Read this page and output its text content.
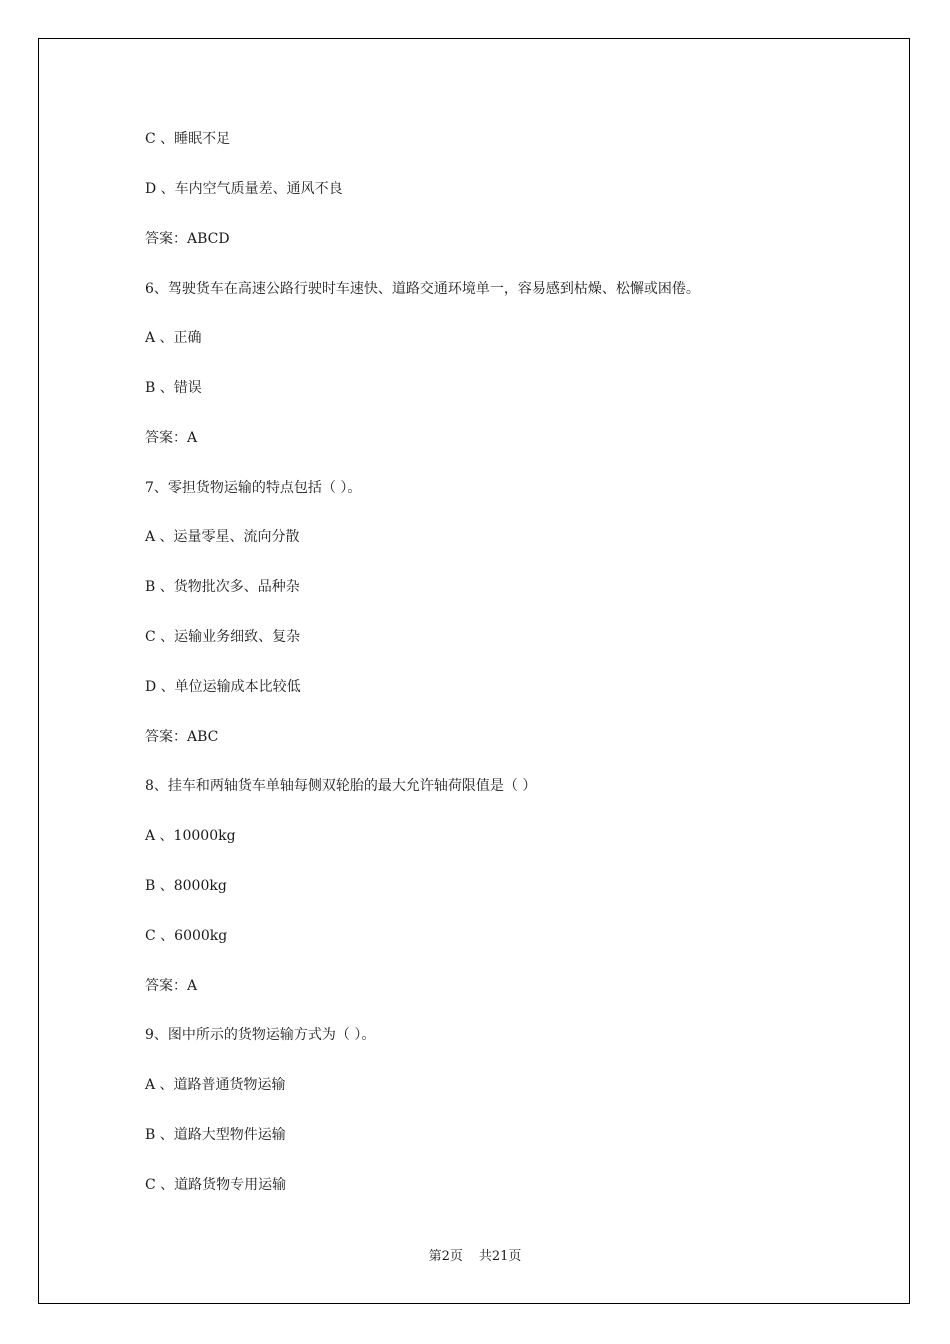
C 、睡眠不足
D 、车内空气质量差、通风不良
答案：ABCD
6、驾驶货车在高速公路行驶时车速快、道路交通环境单一，容易感到枯燥、松懈或困倦。
A 、正确
B 、错误
答案：A
7、零担货物运输的特点包括（ ）。
A 、运量零星、流向分散
B 、货物批次多、品种杂
C 、运输业务细致、复杂
D 、单位运输成本比较低
答案：ABC
8、挂车和两轴货车单轴每侧双轮胎的最大允许轴荷限值是（ ）
A 、10000kg
B 、8000kg
C 、6000kg
答案：A
9、图中所示的货物运输方式为（ ）。
A 、道路普通货物运输
B 、道路大型物件运输
C 、道路货物专用运输
第2页 共21页
